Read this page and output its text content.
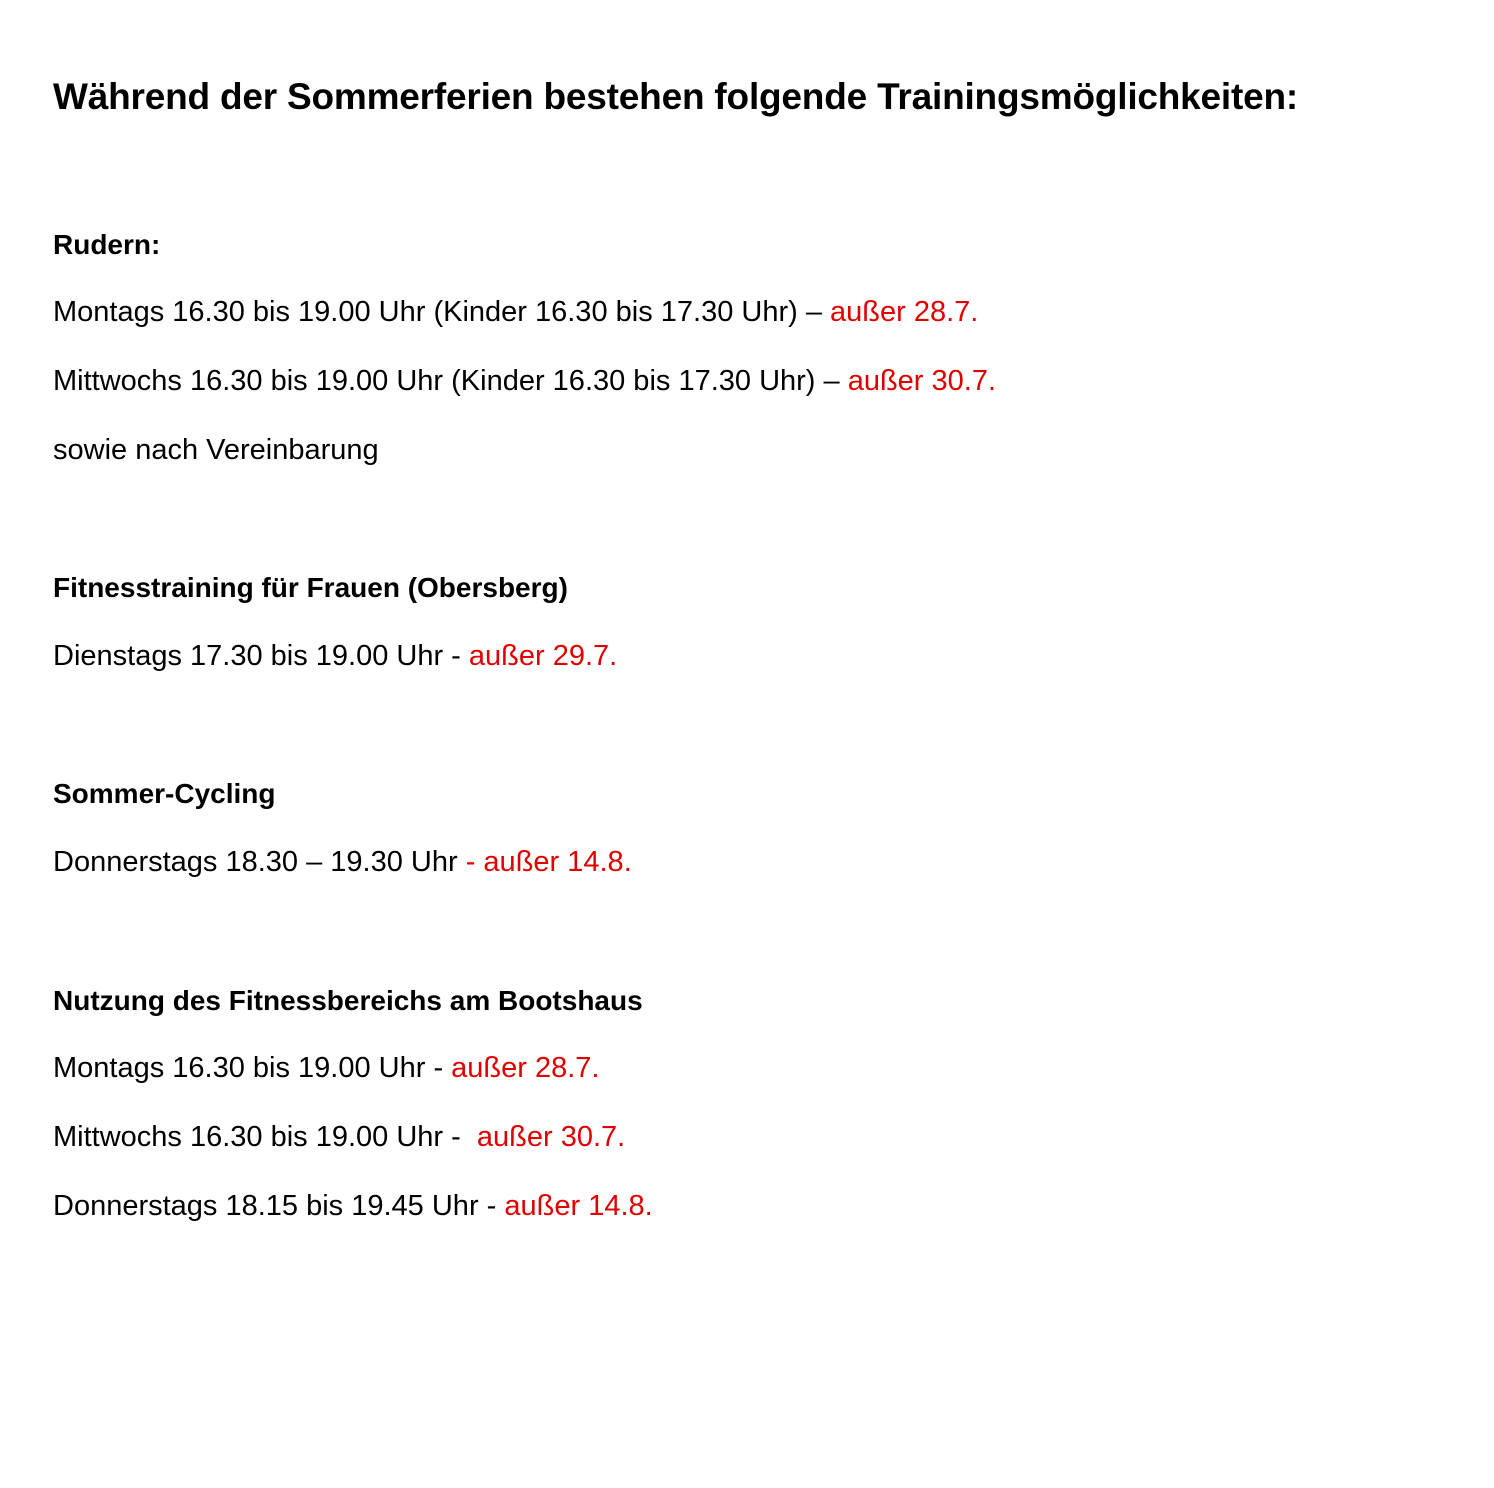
Während der Sommerferien bestehen folgende Trainingsmöglichkeiten:
Rudern:

Montags 16.30 bis 19.00 Uhr (Kinder 16.30 bis 17.30 Uhr) – außer 28.7.

Mittwochs 16.30 bis 19.00 Uhr (Kinder 16.30 bis 17.30 Uhr) – außer 30.7.

sowie nach Vereinbarung

Fitnesstraining für Frauen (Obersberg)

Dienstags 17.30 bis 19.00 Uhr - außer 29.7.

Sommer-Cycling

Donnerstags 18.30 – 19.30 Uhr - außer 14.8.

Nutzung des Fitnessbereichs am Bootshaus

Montags 16.30 bis 19.00 Uhr - außer 28.7.

Mittwochs 16.30 bis 19.00 Uhr -  außer 30.7.

Donnerstags 18.15 bis 19.45 Uhr - außer 14.8.
